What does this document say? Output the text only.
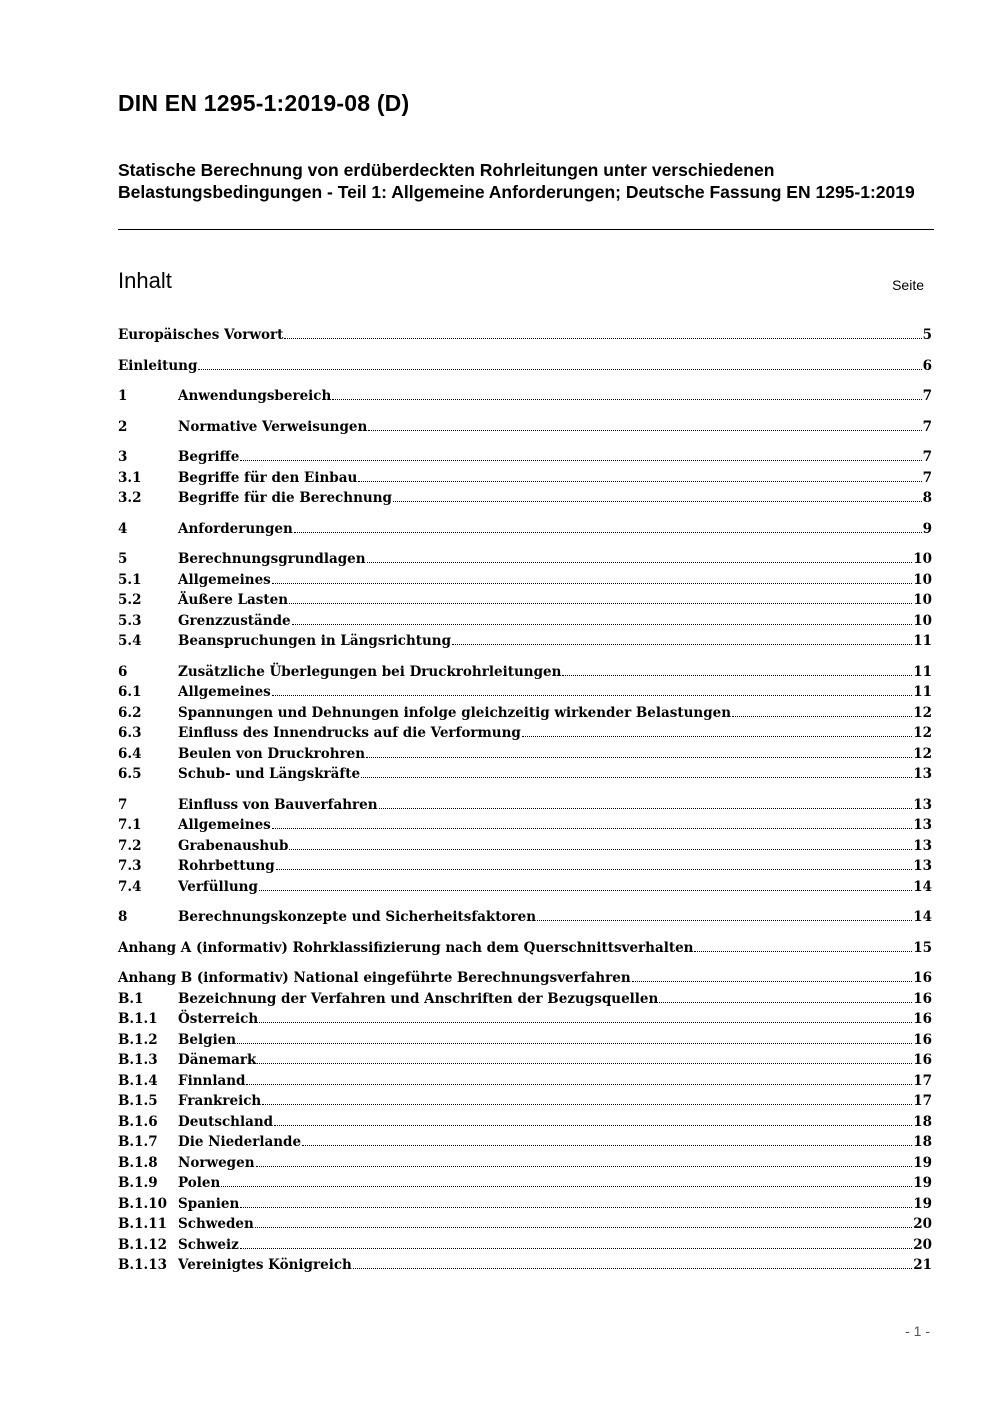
DIN EN 1295-1:2019-08 (D)
Statische Berechnung von erdüberdeckten Rohrleitungen unter verschiedenen Belastungsbedingungen - Teil 1: Allgemeine Anforderungen; Deutsche Fassung EN 1295-1:2019
Inhalt	Seite
Europäisches Vorwort	5
Einleitung	6
1	Anwendungsbereich	7
2	Normative Verweisungen	7
3	Begriffe	7
3.1	Begriffe für den Einbau	7
3.2	Begriffe für die Berechnung	8
4	Anforderungen	9
5	Berechnungsgrundlagen	10
5.1	Allgemeines	10
5.2	Äußere Lasten	10
5.3	Grenzzustände	10
5.4	Beanspruchungen in Längsrichtung	11
6	Zusätzliche Überlegungen bei Druckrohrleitungen	11
6.1	Allgemeines	11
6.2	Spannungen und Dehnungen infolge gleichzeitig wirkender Belastungen	12
6.3	Einfluss des Innendrucks auf die Verformung	12
6.4	Beulen von Druckrohren	12
6.5	Schub- und Längskräfte	13
7	Einfluss von Bauverfahren	13
7.1	Allgemeines	13
7.2	Grabenaushub	13
7.3	Rohrbettung	13
7.4	Verfüllung	14
8	Berechnungskonzepte und Sicherheitsfaktoren	14
Anhang A (informativ) Rohrklassifizierung nach dem Querschnittsverhalten	15
Anhang B (informativ) National eingeführte Berechnungsverfahren	16
B.1	Bezeichnung der Verfahren und Anschriften der Bezugsquellen	16
B.1.1	Österreich	16
B.1.2	Belgien	16
B.1.3	Dänemark	16
B.1.4	Finnland	17
B.1.5	Frankreich	17
B.1.6	Deutschland	18
B.1.7	Die Niederlande	18
B.1.8	Norwegen	19
B.1.9	Polen	19
B.1.10 Spanien	19
B.1.11 Schweden	20
B.1.12 Schweiz	20
B.1.13 Vereinigtes Königreich	21
- 1 -
